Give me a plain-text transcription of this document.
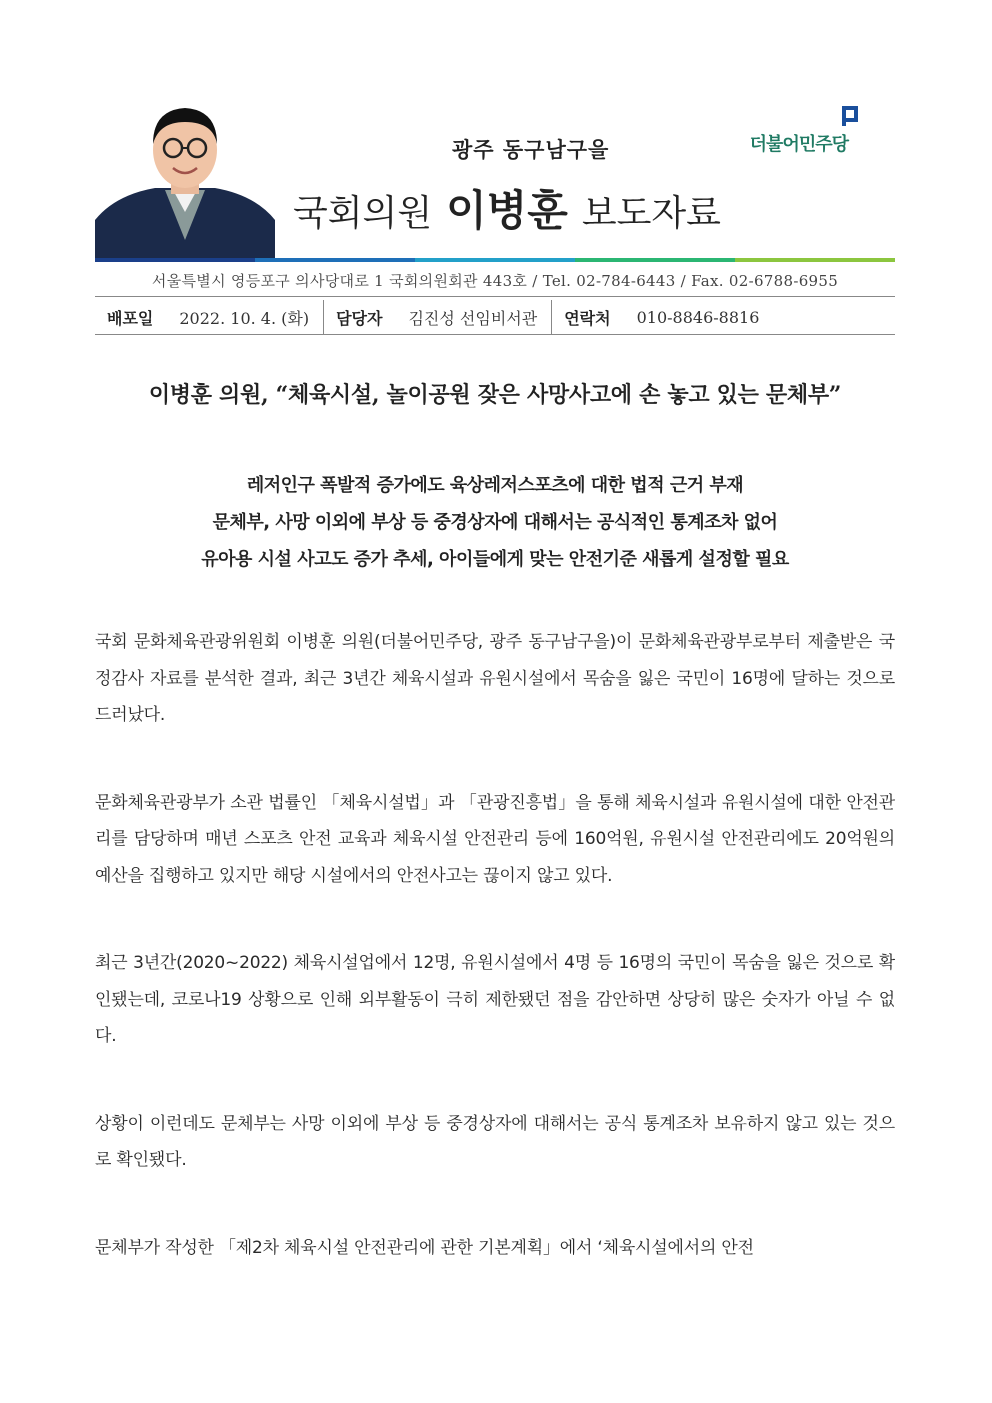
광주 동구남구을
국회의원 이병훈 보도자료
더불어민주당
서울특별시 영등포구 의사당대로 1 국회의원회관 443호 / Tel. 02-784-6443 / Fax. 02-6788-6955
배포일	2022. 10. 4. (화)	담당자	김진성 선임비서관	연락처	010-8846-8816
이병훈 의원, “체육시설, 놀이공원 잦은 사망사고에 손 놓고 있는 문체부”
레저인구 폭발적 증가에도 육상레저스포츠에 대한 법적 근거 부재
문체부, 사망 이외에 부상 등 중경상자에 대해서는 공식적인 통계조차 없어
유아용 시설 사고도 증가 추세, 아이들에게 맞는 안전기준 새롭게 설정할 필요

국회 문화체육관광위원회 이병훈 의원(더불어민주당, 광주 동구남구을)이 문화체육관광부로부터 제출받은 국정감사 자료를 분석한 결과, 최근 3년간 체육시설과 유원시설에서 목숨을 잃은 국민이 16명에 달하는 것으로 드러났다.

문화체육관광부가 소관 법률인 「체육시설법」과 「관광진흥법」을 통해 체육시설과 유원시설에 대한 안전관리를 담당하며 매년 스포츠 안전 교육과 체육시설 안전관리 등에 160억원, 유원시설 안전관리에도 20억원의 예산을 집행하고 있지만 해당 시설에서의 안전사고는 끊이지 않고 있다.

최근 3년간(2020~2022) 체육시설업에서 12명, 유원시설에서 4명 등 16명의 국민이 목숨을 잃은 것으로 확인됐는데, 코로나19 상황으로 인해 외부활동이 극히 제한됐던 점을 감안하면 상당히 많은 숫자가 아닐 수 없다.

상황이 이런데도 문체부는 사망 이외에 부상 등 중경상자에 대해서는 공식 통계조차 보유하지 않고 있는 것으로 확인됐다.

문체부가 작성한 「제2차 체육시설 안전관리에 관한 기본계획」에서 ‘체육시설에서의 안전
